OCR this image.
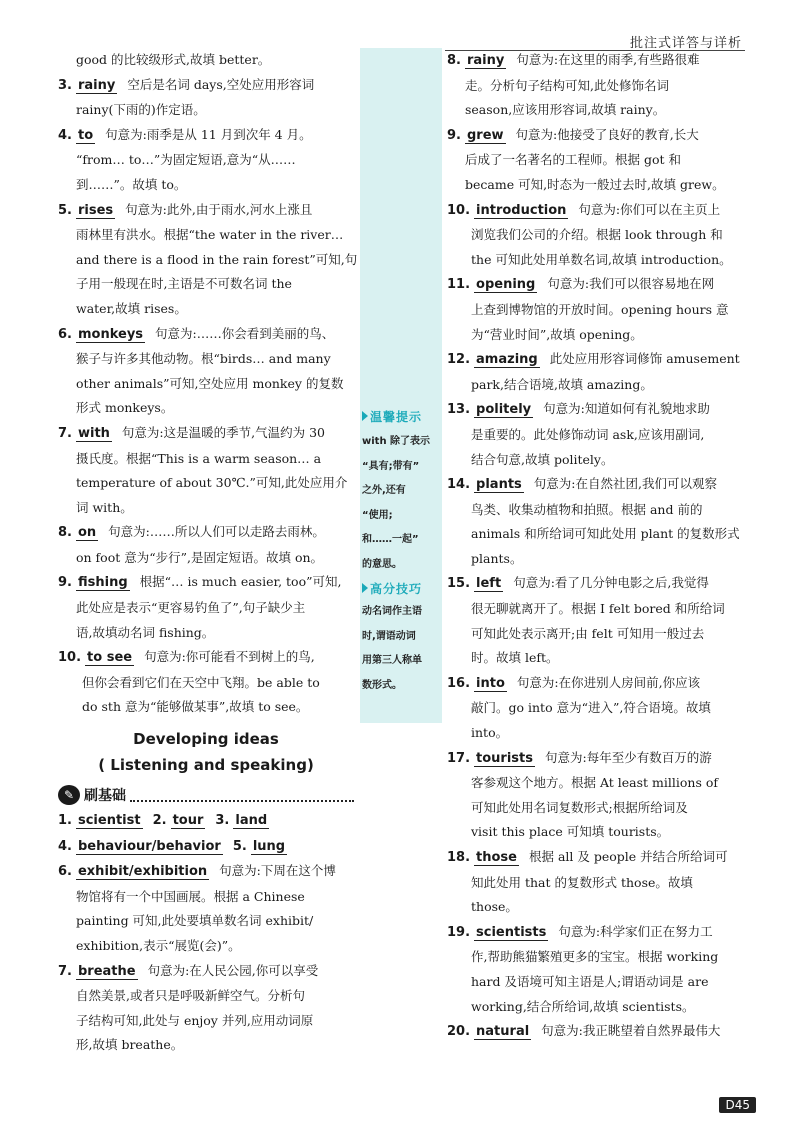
批注式详答与详析
温馨提示
with 除了表示
“具有;带有”
之外,还有
“使用;
和……一起”
的意思。
高分技巧
动名词作主语
时,谓语动词
用第三人称单
数形式。
good 的比较级形式,故填 better。
3. rainy 空后是名词 days,空处应用形容词
rainy(下雨的)作定语。
4. to 句意为:雨季是从 11 月到次年 4 月。
“from… to…”为固定短语,意为“从……
到……”。故填 to。
5. rises 句意为:此外,由于雨水,河水上涨且
雨林里有洪水。根据“the water in the river…
and there is a flood in the rain forest”可知,句
子用一般现在时,主语是不可数名词 the
water,故填 rises。
6. monkeys 句意为:……你会看到美丽的鸟、
猴子与许多其他动物。根“birds… and many
other animals”可知,空处应用 monkey 的复数
形式 monkeys。
7. with 句意为:这是温暖的季节,气温约为 30
摄氏度。根据“This is a warm season… a
temperature of about 30℃.”可知,此处应用介
词 with。
8. on 句意为:……所以人们可以走路去雨林。
on foot 意为“步行”,是固定短语。故填 on。
9. fishing 根据“… is much easier, too”可知,
此处应是表示“更容易钓鱼了”,句子缺少主
语,故填动名词 fishing。
10. to see 句意为:你可能看不到树上的鸟,
但你会看到它们在天空中飞翔。be able to
do sth 意为“能够做某事”,故填 to see。
Developing ideas
( Listening and speaking)
✎ 刷基础
1. scientist 2. tour 3. land
4. behaviour/behavior 5. lung
6. exhibit/exhibition 句意为:下周在这个博
物馆将有一个中国画展。根据 a Chinese
painting 可知,此处要填单数名词 exhibit/
exhibition,表示“展览(会)”。
7. breathe 句意为:在人民公园,你可以享受
自然美景,或者只是呼吸新鲜空气。分析句
子结构可知,此处与 enjoy 并列,应用动词原
形,故填 breathe。
8. rainy 句意为:在这里的雨季,有些路很难
走。分析句子结构可知,此处修饰名词
season,应该用形容词,故填 rainy。
9. grew 句意为:他接受了良好的教育,长大
后成了一名著名的工程师。根据 got 和
became 可知,时态为一般过去时,故填 grew。
10. introduction 句意为:你们可以在主页上
浏览我们公司的介绍。根据 look through 和
the 可知此处用单数名词,故填 introduction。
11. opening 句意为:我们可以很容易地在网
上查到博物馆的开放时间。opening hours 意
为“营业时间”,故填 opening。
12. amazing 此处应用形容词修饰 amusement
park,结合语境,故填 amazing。
13. politely 句意为:知道如何有礼貌地求助
是重要的。此处修饰动词 ask,应该用副词,
结合句意,故填 politely。
14. plants 句意为:在自然社团,我们可以观察
鸟类、收集动植物和拍照。根据 and 前的
animals 和所给词可知此处用 plant 的复数形式
plants。
15. left 句意为:看了几分钟电影之后,我觉得
很无聊就离开了。根据 I felt bored 和所给词
可知此处表示离开;由 felt 可知用一般过去
时。故填 left。
16. into 句意为:在你进别人房间前,你应该
敲门。go into 意为“进入”,符合语境。故填
into。
17. tourists 句意为:每年至少有数百万的游
客参观这个地方。根据 At least millions of
可知此处用名词复数形式;根据所给词及
visit this place 可知填 tourists。
18. those 根据 all 及 people 并结合所给词可
知此处用 that 的复数形式 those。故填
those。
19. scientists 句意为:科学家们正在努力工
作,帮助熊猫繁殖更多的宝宝。根据 working
hard 及语境可知主语是人;谓语动词是 are
working,结合所给词,故填 scientists。
20. natural 句意为:我正眺望着自然界最伟大
D45
